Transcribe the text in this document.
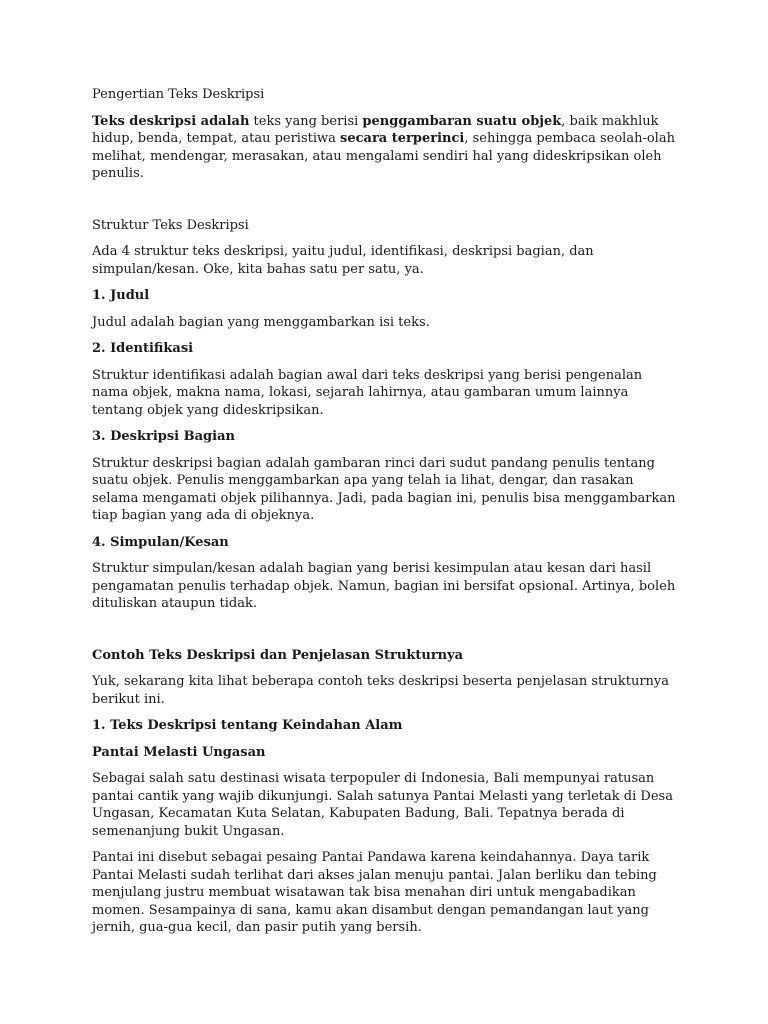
Pengertian Teks Deskripsi

Teks deskripsi adalah teks yang berisi penggambaran suatu objek, baik makhluk hidup, benda, tempat, atau peristiwa secara terperinci, sehingga pembaca seolah-olah melihat, mendengar, merasakan, atau mengalami sendiri hal yang dideskripsikan oleh penulis.

Struktur Teks Deskripsi

Ada 4 struktur teks deskripsi, yaitu judul, identifikasi, deskripsi bagian, dan simpulan/kesan. Oke, kita bahas satu per satu, ya.

1. Judul

Judul adalah bagian yang menggambarkan isi teks.

2. Identifikasi

Struktur identifikasi adalah bagian awal dari teks deskripsi yang berisi pengenalan nama objek, makna nama, lokasi, sejarah lahirnya, atau gambaran umum lainnya tentang objek yang dideskripsikan.

3. Deskripsi Bagian

Struktur deskripsi bagian adalah gambaran rinci dari sudut pandang penulis tentang suatu objek. Penulis menggambarkan apa yang telah ia lihat, dengar, dan rasakan selama mengamati objek pilihannya. Jadi, pada bagian ini, penulis bisa menggambarkan tiap bagian yang ada di objeknya.

4. Simpulan/Kesan

Struktur simpulan/kesan adalah bagian yang berisi kesimpulan atau kesan dari hasil pengamatan penulis terhadap objek. Namun, bagian ini bersifat opsional. Artinya, boleh dituliskan ataupun tidak.

Contoh Teks Deskripsi dan Penjelasan Strukturnya

Yuk, sekarang kita lihat beberapa contoh teks deskripsi beserta penjelasan strukturnya berikut ini.

1. Teks Deskripsi tentang Keindahan Alam

Pantai Melasti Ungasan

Sebagai salah satu destinasi wisata terpopuler di Indonesia, Bali mempunyai ratusan pantai cantik yang wajib dikunjungi. Salah satunya Pantai Melasti yang terletak di Desa Ungasan, Kecamatan Kuta Selatan, Kabupaten Badung, Bali. Tepatnya berada di semenanjung bukit Ungasan.

Pantai ini disebut sebagai pesaing Pantai Pandawa karena keindahannya. Daya tarik Pantai Melasti sudah terlihat dari akses jalan menuju pantai. Jalan berliku dan tebing menjulang justru membuat wisatawan tak bisa menahan diri untuk mengabadikan momen. Sesampainya di sana, kamu akan disambut dengan pemandangan laut yang jernih, gua-gua kecil, dan pasir putih yang bersih.
